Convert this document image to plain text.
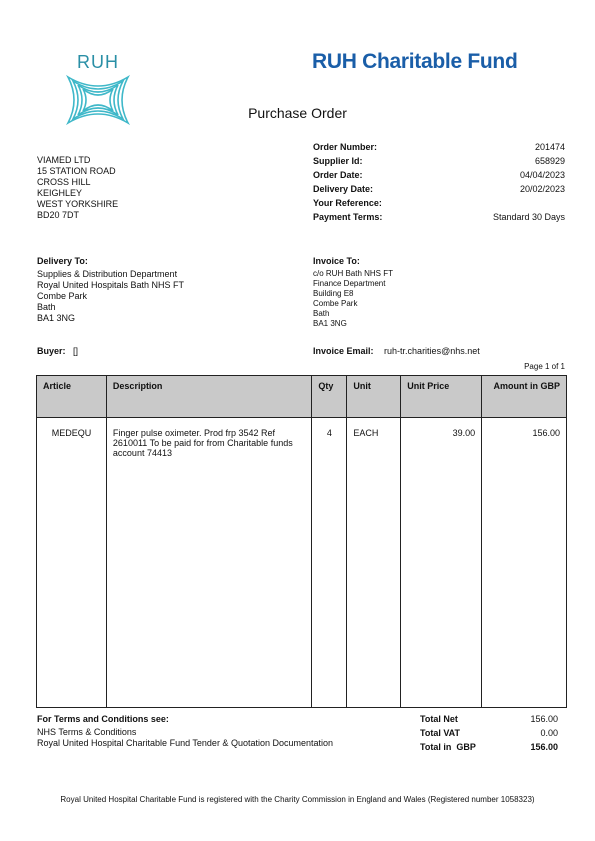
RUH	RUH Charitable Fund
Purchase Order
VIAMED LTD
15 STATION ROAD
CROSS HILL
KEIGHLEY
WEST YORKSHIRE
BD20 7DT
Order Number:	201474
Supplier Id:	658929
Order Date:	04/04/2023
Delivery Date:	20/02/2023
Your Reference:
Payment Terms:	Standard 30 Days
Delivery To:
Supplies & Distribution Department
Royal United Hospitals Bath NHS FT
Combe Park
Bath
BA1 3NG
Invoice To:
c/o RUH Bath NHS FT
Finance Department
Building E8
Combe Park
Bath
BA1 3NG
Buyer: []	Invoice Email: ruh-tr.charities@nhs.net
Page 1 of 1
Article	Description	Qty	Unit	Unit Price	Amount in GBP
MEDEQU	Finger pulse oximeter. Prod frp 3542 Ref 2610011 To be paid for from Charitable funds account 74413	4	EACH	39.00	156.00
For Terms and Conditions see:
NHS Terms & Conditions
Royal United Hospital Charitable Fund Tender & Quotation Documentation
Total Net	156.00
Total VAT	0.00
Total in  GBP	156.00
Royal United Hospital Charitable Fund is registered with the Charity Commission in England and Wales (Registered number 1058323)
